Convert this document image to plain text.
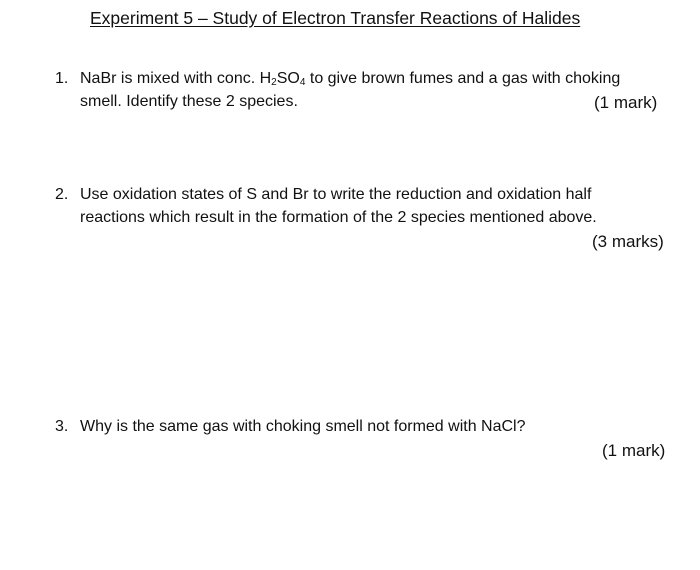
Experiment 5 – Study of Electron Transfer Reactions of Halides
1. NaBr is mixed with conc. $H_2SO_4$ to give brown fumes and a gas with choking
smell. Identify these 2 species.	(1 mark)
2. Use oxidation states of S and Br to write the reduction and oxidation half
reactions which result in the formation of the 2 species mentioned above.
(3 marks)
3. Why is the same gas with choking smell not formed with NaCl?
(1 mark)
